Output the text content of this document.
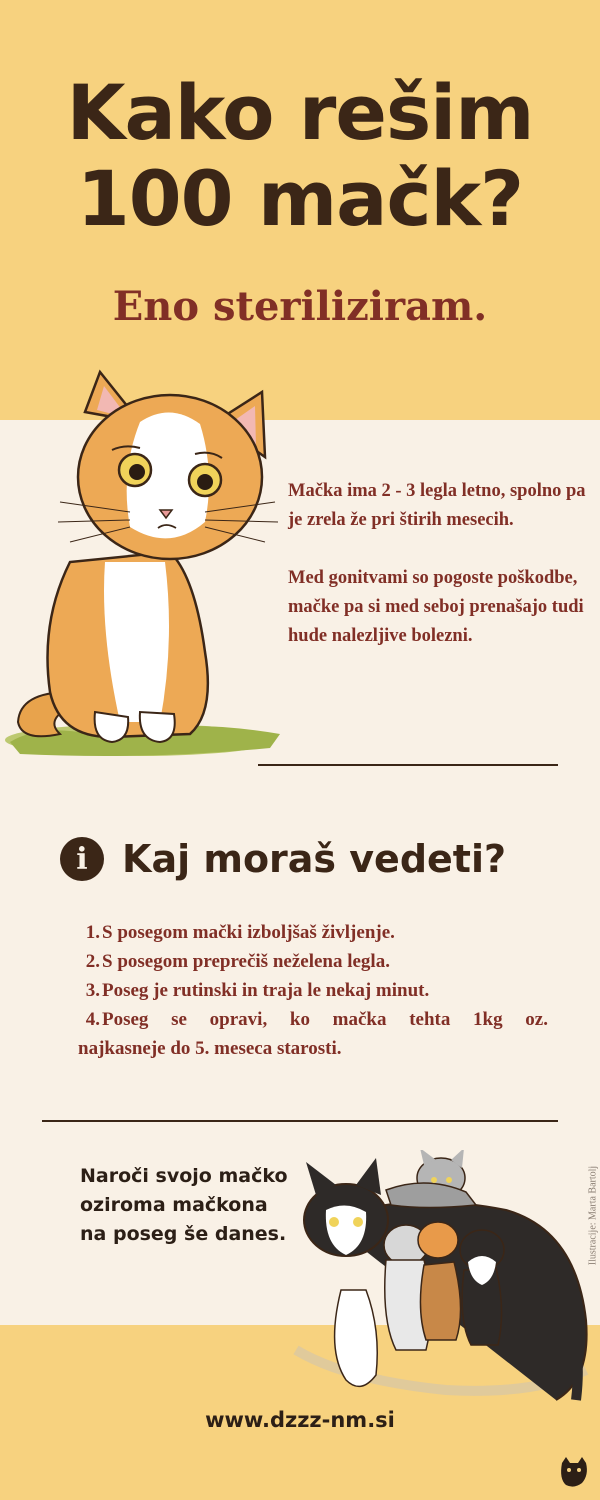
Kako rešim
100 mačk?
Eno steriliziram.

Mačka ima 2 - 3 legla letno, spolno pa je zrela že pri štirih mesecih.

Med gonitvami so pogoste poškodbe, mačke pa si med seboj prenašajo tudi hude nalezljive bolezni.

i Kaj moraš vedeti?
1. S posegom mački izboljšaš življenje.
2. S posegom preprečiš neželena legla.
3. Poseg je rutinski in traja le nekaj minut.
4. Poseg se opravi, ko mačka tehta 1kg oz.
najkasneje do 5. meseca starosti.
Naroči svojo mačko oziroma mačkona na poseg še danes.	Ilustracije: Marta Bartolj
www.dzzz-nm.si
